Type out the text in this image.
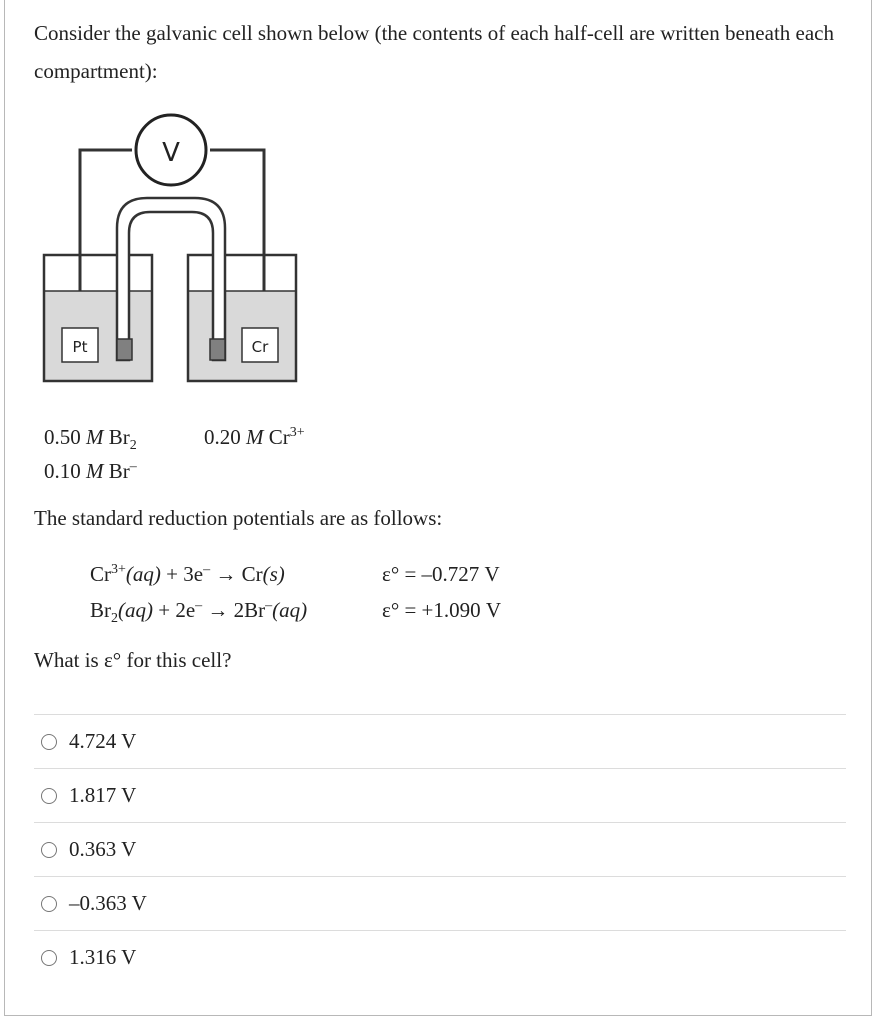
Consider the galvanic cell shown below (the contents of each half-cell are written beneath each compartment):
V
Pt	Cr
0.50 M $Br_2$
0.10 M Br–
0.20 M $Cr^{3+}$
The standard reduction potentials are as follows:
$Cr^{3+}(aq) + 3e^- \to Cr(s)$	ε° = –0.727 V
$Br_2(aq) + 2e^- \to 2Br^-(aq)$	ε° = +1.090 V
What is ε° for this cell?
4.724 V
1.817 V
0.363 V
–0.363 V
1.316 V
